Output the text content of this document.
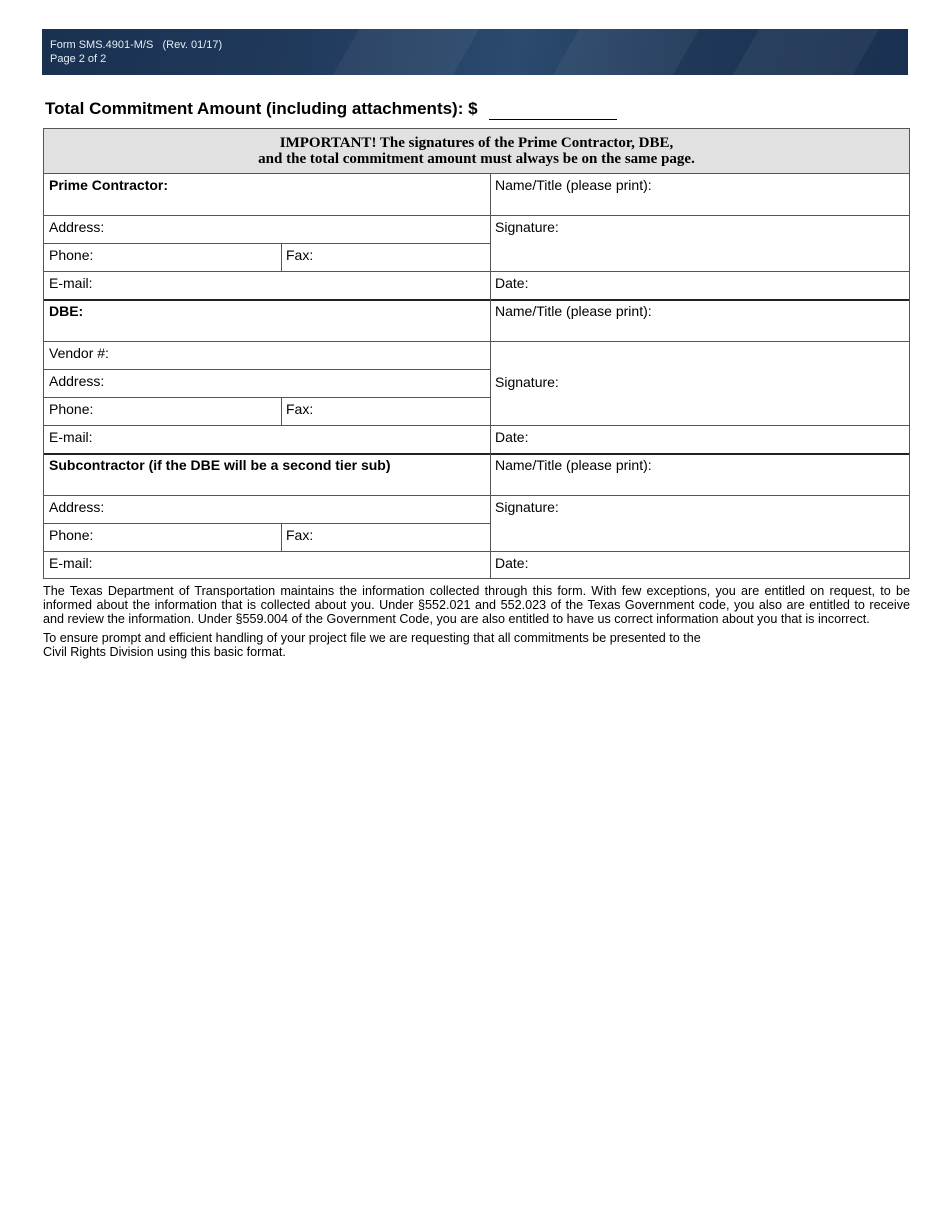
Form SMS.4901-M/S (Rev. 01/17)
Page 2 of 2
Total Commitment Amount (including attachments): $
IMPORTANT! The signatures of the Prime Contractor, DBE,
and the total commitment amount must always be on the same page.
Prime Contractor:	Name/Title (please print):
Address:	Signature:
Phone:	Fax:
E-mail:	Date:
DBE:	Name/Title (please print):
Vendor #:
Signature:
Address:
Phone:	Fax:
E-mail:	Date:
Subcontractor (if the DBE will be a second tier sub)	Name/Title (please print):
Address:	Signature:
Phone:	Fax:
E-mail:	Date:
The Texas Department of Transportation maintains the information collected through this form. With few exceptions, you are entitled on request, to be informed about the information that is collected about you. Under §552.021 and 552.023 of the Texas Government code, you also are entitled to receive and review the information. Under §559.004 of the Government Code, you are also entitled to have us correct information about you that is incorrect.
To ensure prompt and efficient handling of your project file we are requesting that all commitments be presented to the
Civil Rights Division using this basic format.
